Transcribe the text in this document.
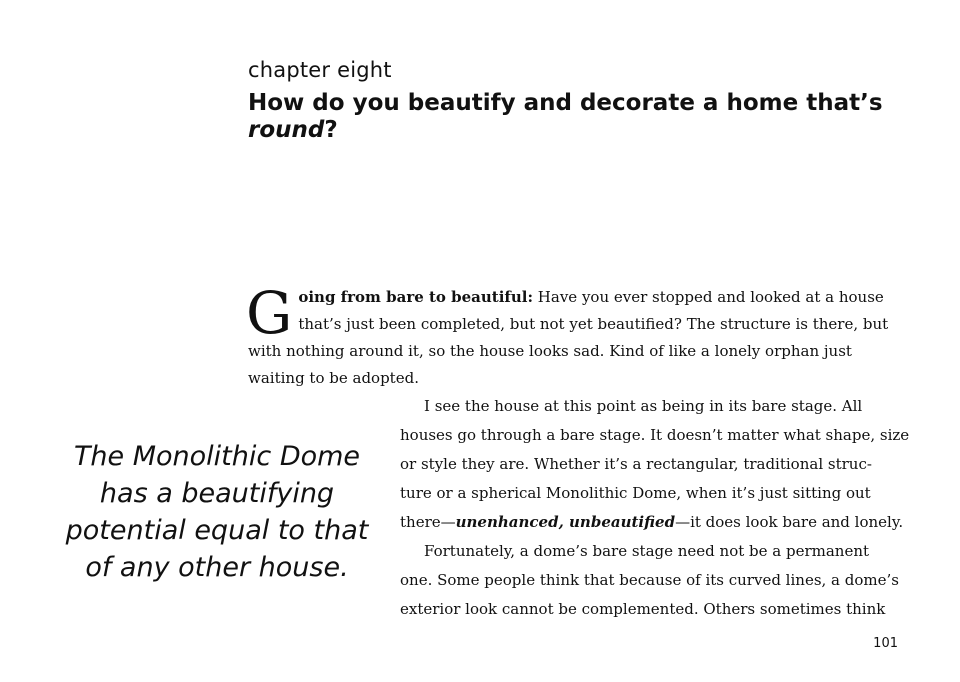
chapter eight
How do you beautify and decorate a home that’s
round?

Going from bare to beautiful: Have you ever stopped and looked at a house that’s just been completed, but not yet beautified? The structure is there, but with nothing around it, so the house looks sad. Kind of like a lonely orphan just waiting to be adopted.

The Monolithic Dome has a beautifying potential equal to that of any other house.
I see the house at this point as being in its bare stage. All
houses go through a bare stage. It doesn’t matter what shape, size
or style they are. Whether it’s a rectangular, traditional struc-
ture or a spherical Monolithic Dome, when it’s just sitting out
there—unenhanced, unbeautified—it does look bare and lonely.
Fortunately, a dome’s bare stage need not be a permanent
one. Some people think that because of its curved lines, a dome’s
exterior look cannot be complemented. Others sometimes think
101
